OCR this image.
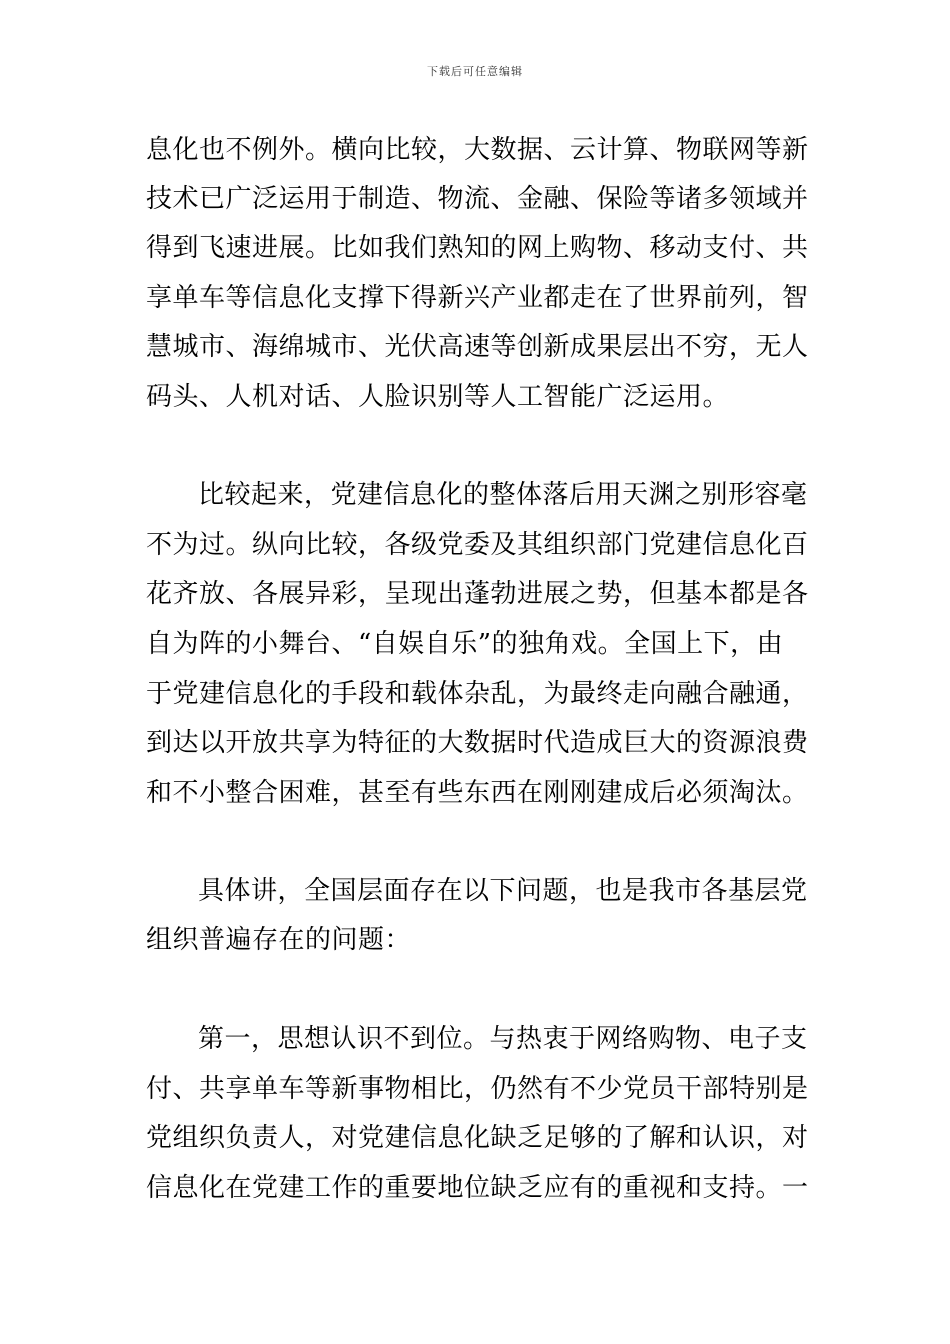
下载后可任意编辑
息化也不例外。横向比较，大数据、云计算、物联网等新
技术已广泛运用于制造、物流、金融、保险等诸多领域并
得到飞速进展。比如我们熟知的网上购物、移动支付、共
享单车等信息化支撑下得新兴产业都走在了世界前列，智
慧城市、海绵城市、光伏高速等创新成果层出不穷，无人
码头、人机对话、人脸识别等人工智能广泛运用。
比较起来，党建信息化的整体落后用天渊之别形容毫
不为过。纵向比较，各级党委及其组织部门党建信息化百
花齐放、各展异彩，呈现出蓬勃进展之势，但基本都是各
自为阵的小舞台、“自娱自乐”的独角戏。全国上下，由
于党建信息化的手段和载体杂乱，为最终走向融合融通，
到达以开放共享为特征的大数据时代造成巨大的资源浪费
和不小整合困难，甚至有些东西在刚刚建成后必须淘汰。
具体讲，全国层面存在以下问题，也是我市各基层党
组织普遍存在的问题：
第一，思想认识不到位。与热衷于网络购物、电子支
付、共享单车等新事物相比，仍然有不少党员干部特别是
党组织负责人，对党建信息化缺乏足够的了解和认识，对
信息化在党建工作的重要地位缺乏应有的重视和支持。一
